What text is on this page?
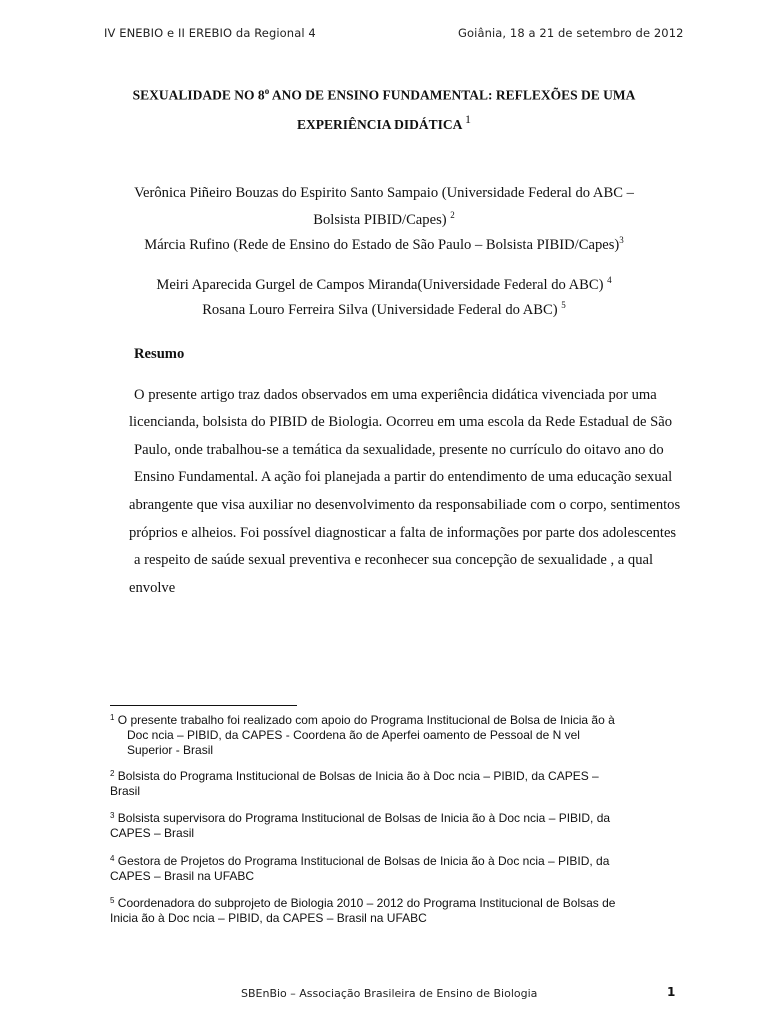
IV ENEBIO e II EREBIO da Regional 4	Goiânia, 18 a 21 de setembro de 2012
SEXUALIDADE NO 8$^o$ ANO DE ENSINO FUNDAMENTAL: REFLEXÕES DE UMA
EXPERIÊNCIA DIDÁTICA 1
Verônica Piñeiro Bouzas do Espirito Santo Sampaio (Universidade Federal do ABC –
Bolsista PIBID/Capes) $^2$
Márcia Rufino (Rede de Ensino do Estado de São Paulo – Bolsista PIBID/Capes)$^3$
Meiri Aparecida Gurgel de Campos Miranda(Universidade Federal do ABC) $^4$
Rosana Louro Ferreira Silva (Universidade Federal do ABC) $^5$
Resumo
O presente artigo traz dados observados em uma experiência didática vivenciada por uma
licencianda, bolsista do PIBID de Biologia. Ocorreu em uma escola da Rede Estadual de São
Paulo, onde trabalhou-se a temática da sexualidade, presente no currículo do oitavo ano do
Ensino Fundamental. A ação foi planejada a partir do entendimento de uma educação sexual
abrangente que visa auxiliar no desenvolvimento da responsabiliade com o corpo, sentimentos
próprios e alheios. Foi possível diagnosticar a falta de informações por parte dos adolescentes
a respeito de saúde sexual preventiva e reconhecer sua concepção de sexualidade , a qual
envolve
$^1$ O presente trabalho foi realizado com apoio do Programa Institucional de Bolsa de Inicia ão à
Doc ncia – PIBID, da CAPES - Coordena ão de Aperfei oamento de Pessoal de N vel
Superior - Brasil
$^2$ Bolsista do Programa Institucional de Bolsas de Inicia ão à Doc ncia – PIBID, da CAPES –
Brasil
$^3$ Bolsista supervisora do Programa Institucional de Bolsas de Inicia ão à Doc ncia – PIBID, da
CAPES – Brasil
$^4$ Gestora de Projetos do Programa Institucional de Bolsas de Inicia ão à Doc ncia – PIBID, da
CAPES – Brasil na UFABC
$^5$ Coordenadora do subprojeto de Biologia 2010 – 2012 do Programa Institucional de Bolsas de
Inicia ão à Doc ncia – PIBID, da CAPES – Brasil na UFABC
SBEnBio – Associação Brasileira de Ensino de Biologia	1
